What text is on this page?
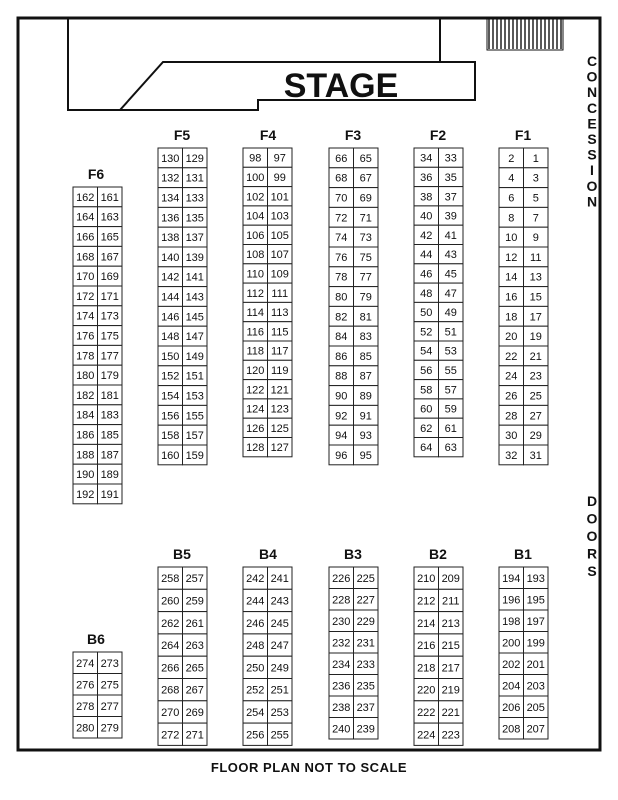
STAGE
C
O
N
C
E
S
S
I
O
N
D
O
O
R
S
F1
2 1
4 3
6 5
8 7
10 9
12 11
14 13
16 15
18 17
20 19
22 21
24 23
26 25
28 27
30 29
32 31
F2
34 33
36 35
38 37
40 39
42 41
44 43
46 45
48 47
50 49
52 51
54 53
56 55
58 57
60 59
62 61
64 63
F3
66 65
68 67
70 69
72 71
74 73
76 75
78 77
80 79
82 81
84 83
86 85
88 87
90 89
92 91
94 93
96 95
F4
98 97
100 99
102 101
104 103
106 105
108 107
110 109
112 111
114 113
116 115
118 117
120 119
122 121
124 123
126 125
128 127
F5
130 129
132 131
134 133
136 135
138 137
140 139
142 141
144 143
146 145
148 147
150 149
152 151
154 153
156 155
158 157
160 159
F6
162 161
164 163
166 165
168 167
170 169
172 171
174 173
176 175
178 177
180 179
182 181
184 183
186 185
188 187
190 189
192 191
B1
194 193
196 195
198 197
200 199
202 201
204 203
206 205
208 207
B2
210 209
212 211
214 213
216 215
218 217
220 219
222 221
224 223
B3
226 225
228 227
230 229
232 231
234 233
236 235
238 237
240 239
B4
242 241
244 243
246 245
248 247
250 249
252 251
254 253
256 255
B5
258 257
260 259
262 261
264 263
266 265
268 267
270 269
272 271
B6
274 273
276 275
278 277
280 279
FLOOR PLAN NOT TO SCALE
